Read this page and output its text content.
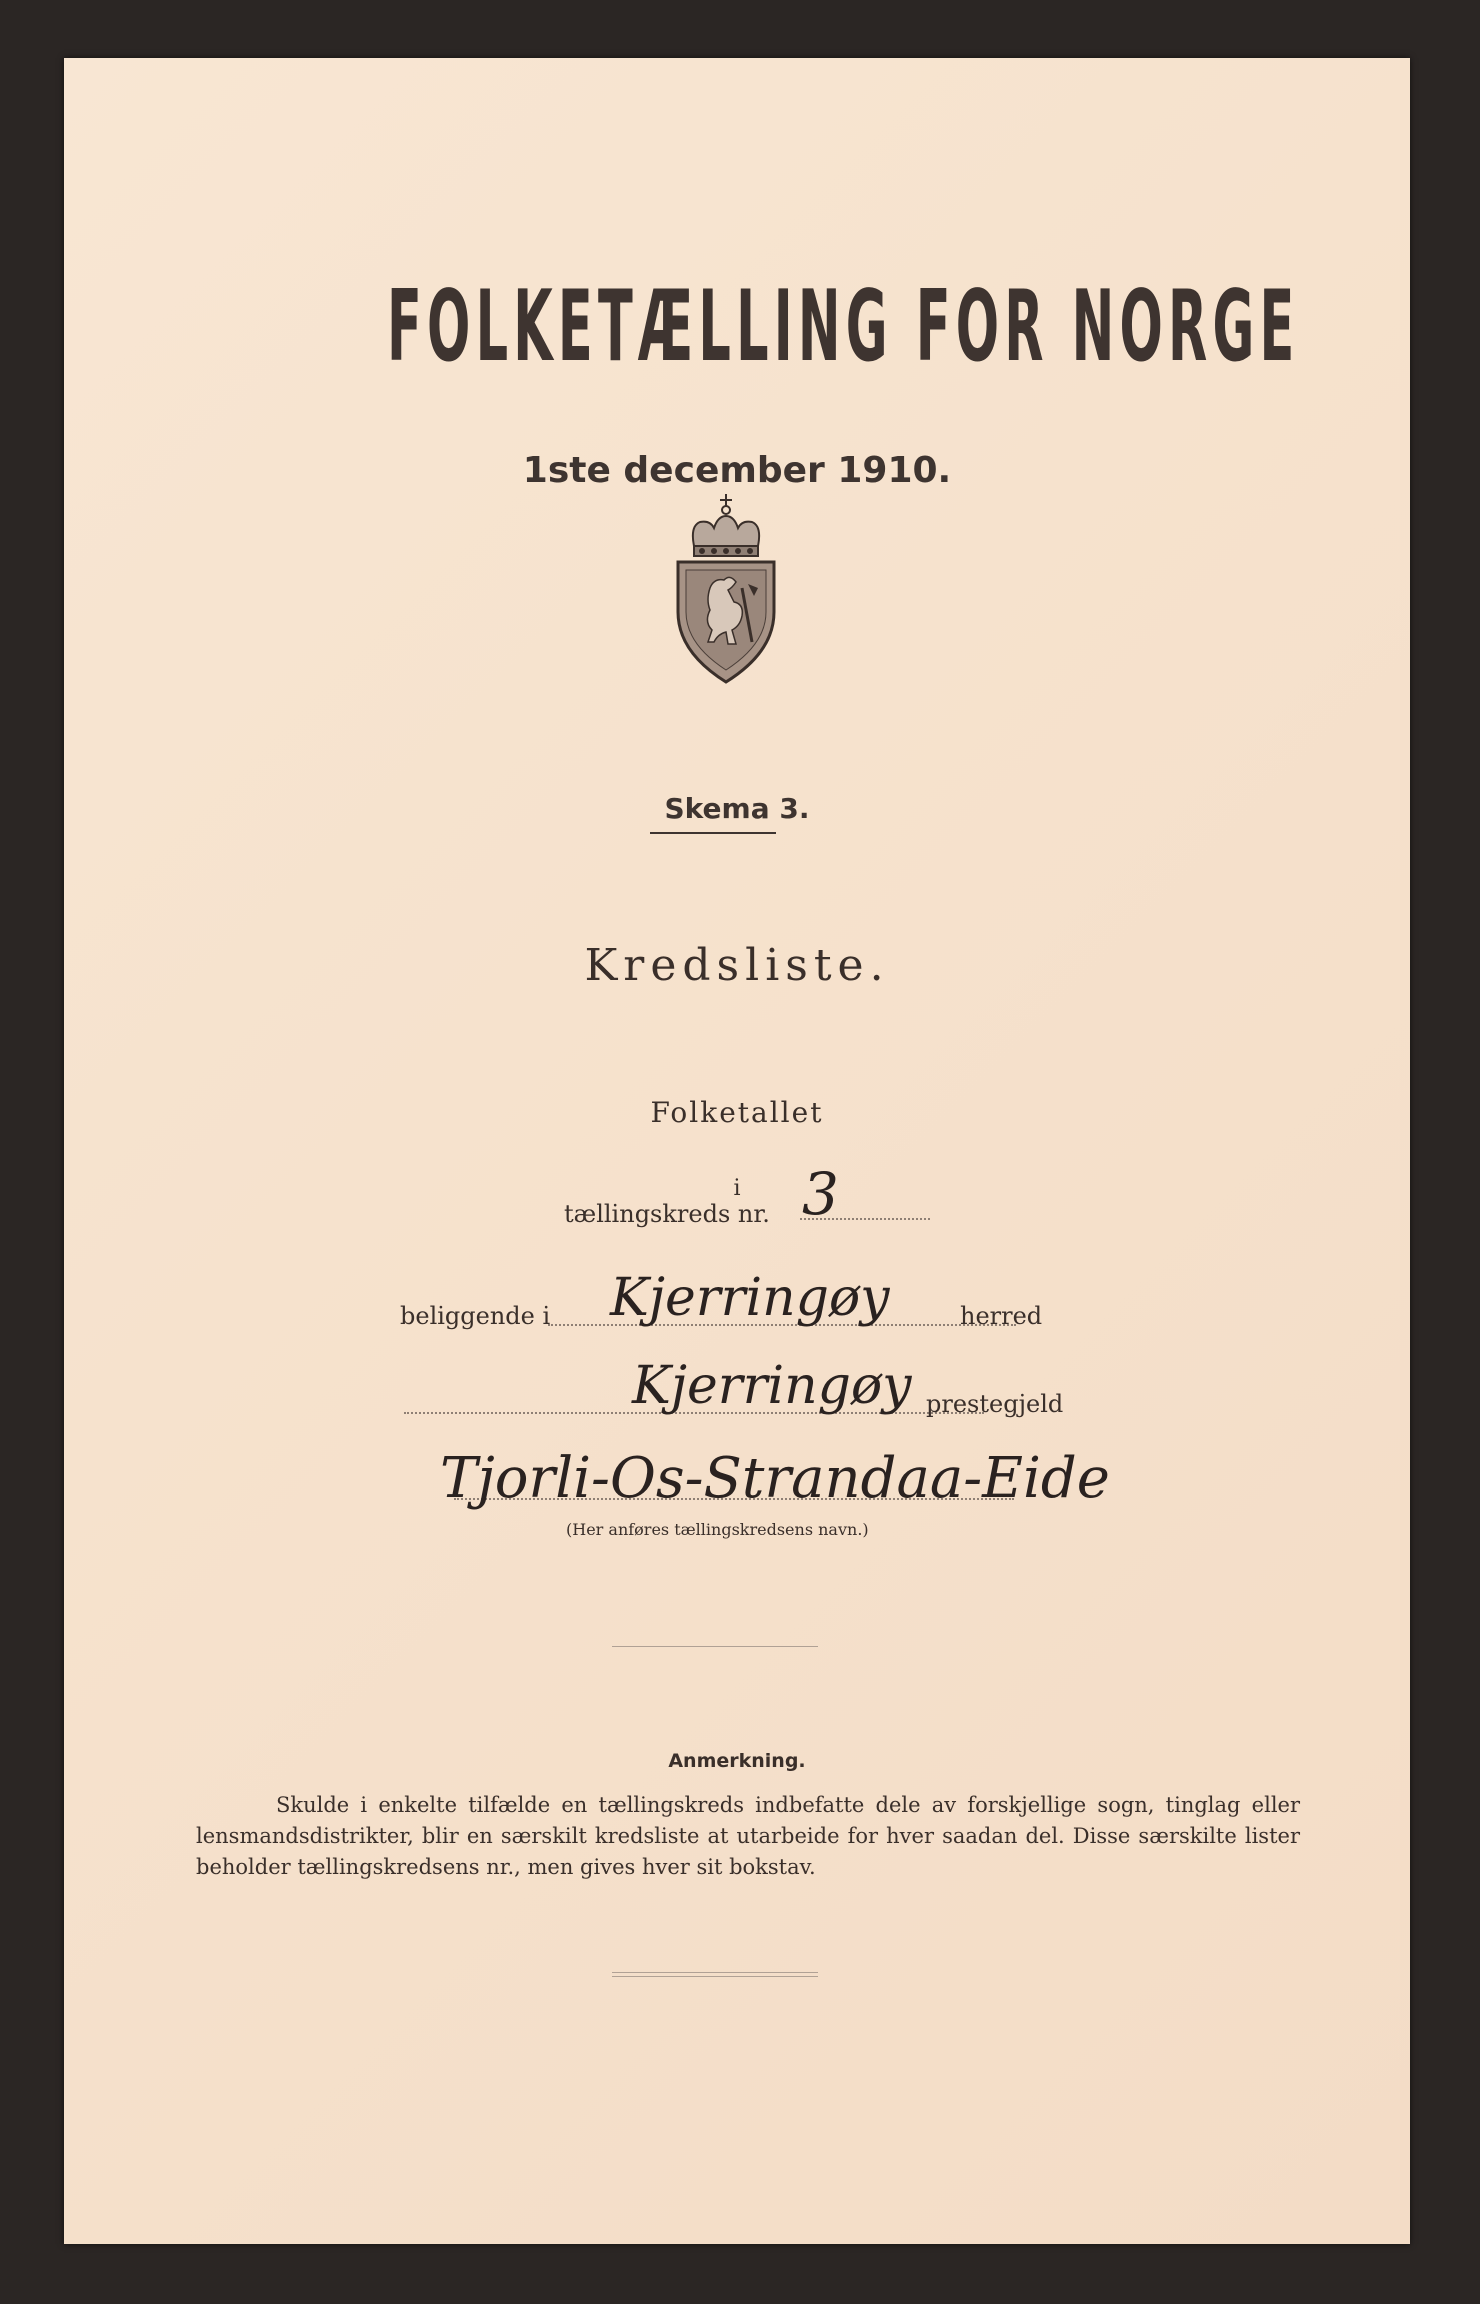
FOLKETÆLLING FOR NORGE
1ste december 1910.
Skema 3.
Kredsliste.
Folketallet
i
tællingskreds nr. 3
beliggende i Kjerringøy	herred
Kjerringøy prestegjeld
Tjorli-Os-Strandaa-Eide
(Her anføres tællingskredsens navn.)
Anmerkning.
Skulde i enkelte tilfælde en tællingskreds indbefatte dele av forskjellige sogn, tinglag eller lensmandsdistrikter, blir en særskilt kredsliste at utarbeide for hver saadan del. Disse særskilte lister beholder tællingskredsens nr., men gives hver sit bokstav.
